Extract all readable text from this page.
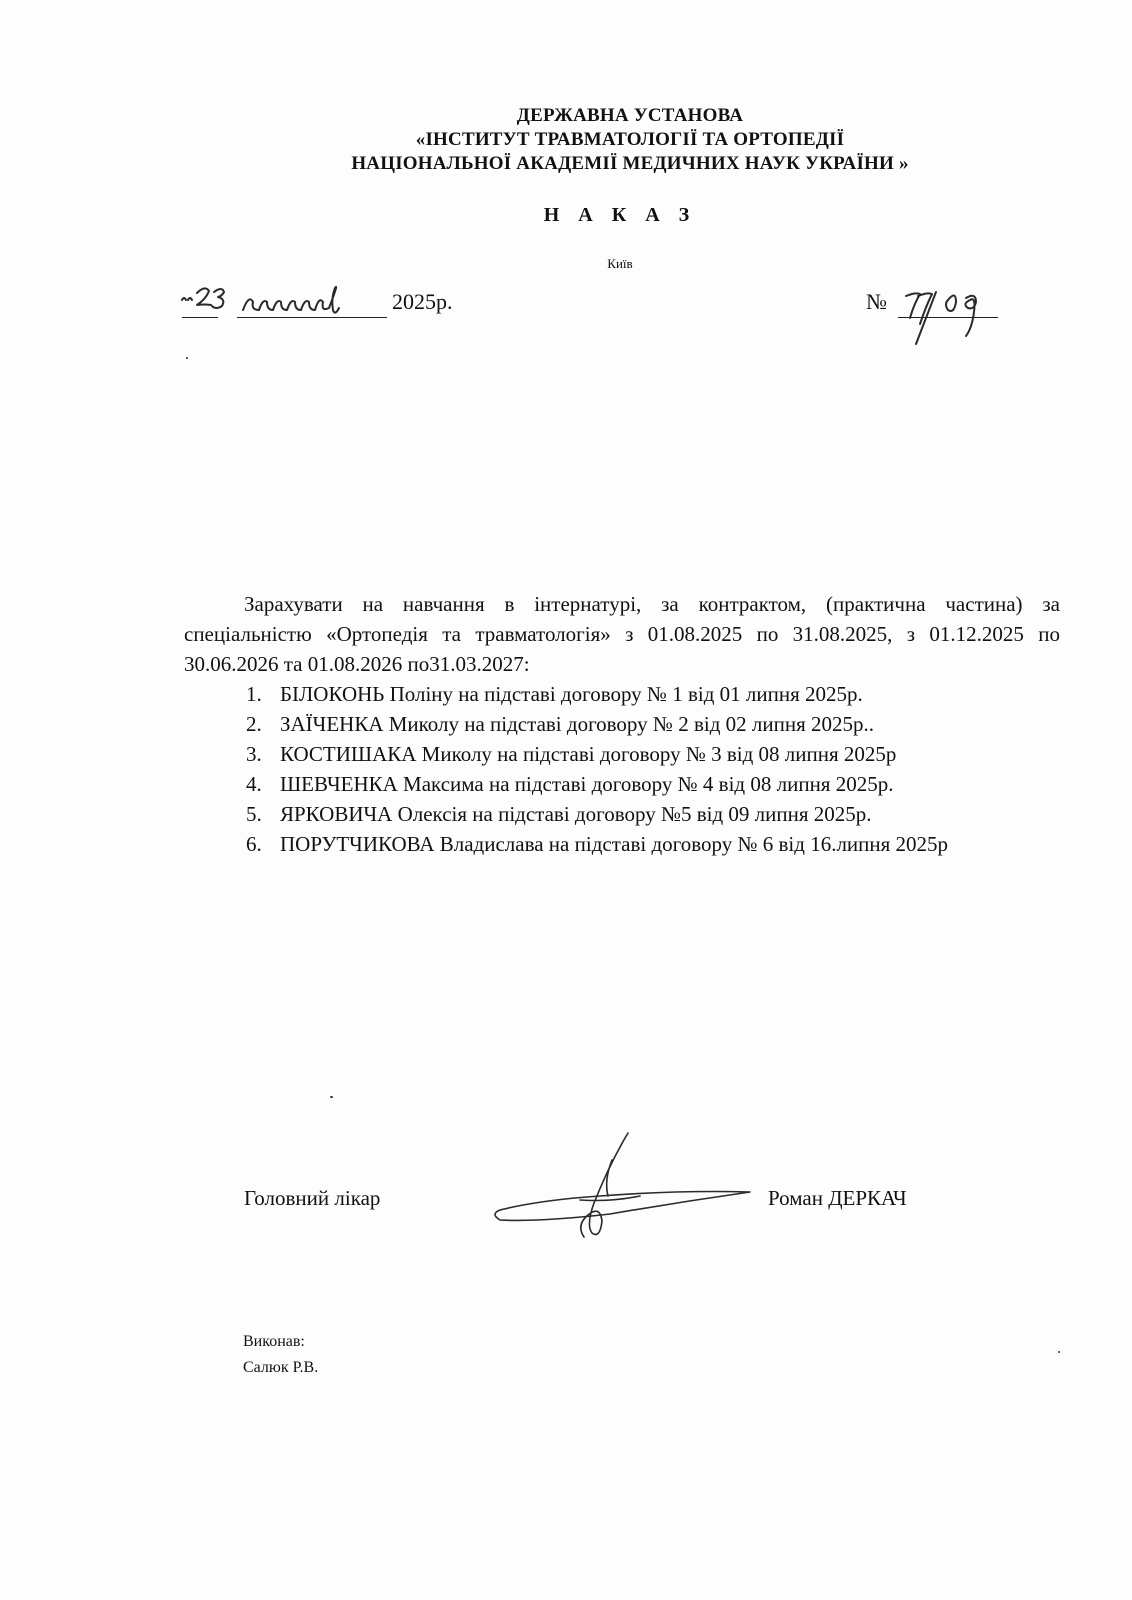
ДЕРЖАВНА УСТАНОВА
«ІНСТИТУТ ТРАВМАТОЛОГІЇ ТА ОРТОПЕДІЇ
НАЦІОНАЛЬНОЇ АКАДЕМІЇ МЕДИЧНИХ НАУК УКРАЇНИ »
Н А К А З
Київ
2025р.	№

Зарахувати на навчання в інтернатурі, за контрактом, (практична частина) за спеціальністю «Ортопедія та травматологія» з 01.08.2025 по 31.08.2025, з 01.12.2025 по 30.06.2026 та 01.08.2026 по31.03.2027:

1. БІЛОКОНЬ Поліну на підставі договору № 1 від 01 липня 2025р.
2. ЗАЇЧЕНКА Миколу на підставі договору № 2 від 02 липня 2025р..
3. КОСТИШАКА Миколу на підставі договору № 3 від 08 липня 2025р
4. ШЕВЧЕНКА Максима на підставі договору № 4 від 08 липня 2025р.
5. ЯРКОВИЧА Олексія на підставі договору №5 від 09 липня 2025р.
6. ПОРУТЧИКОВА Владислава на підставі договору № 6 від 16.липня 2025р
Головний лікар	Роман ДЕРКАЧ
Виконав:
Салюк Р.В.
